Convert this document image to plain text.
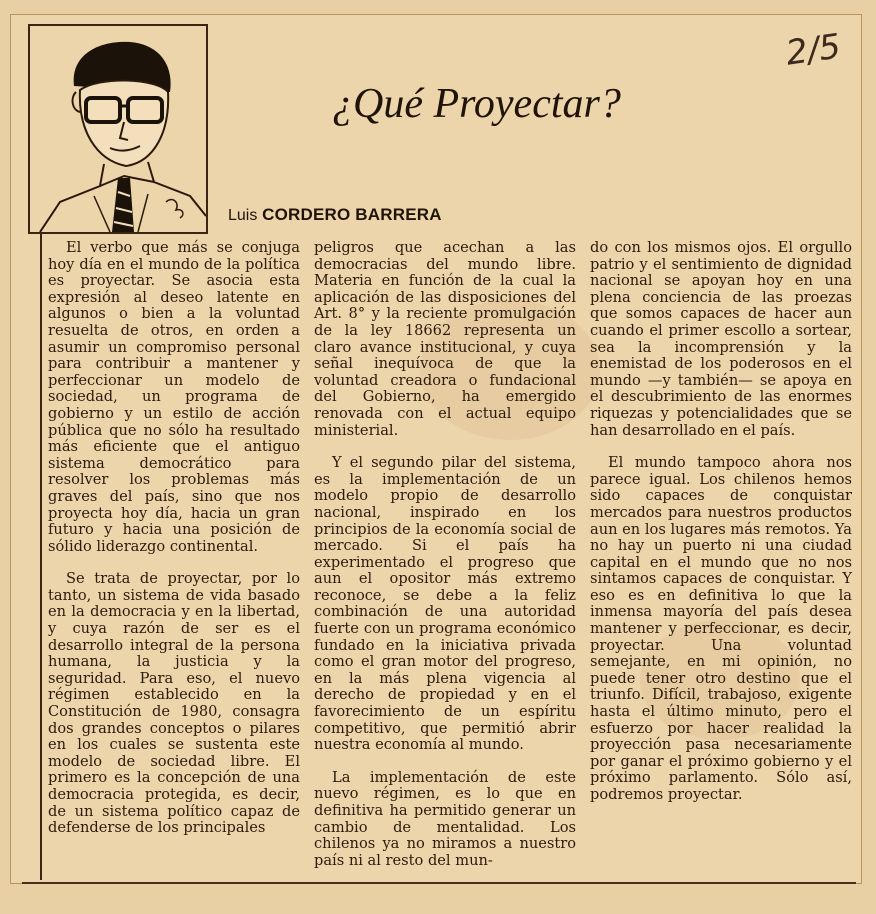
2/5
¿Qué Proyectar?
Luis CORDERO BARRERA

El verbo que más se conjuga hoy día en el mundo de la política es proyectar. Se asocia esta expresión al deseo latente en algunos o bien a la voluntad resuelta de otros, en orden a asumir un compromiso personal para contribuir a mantener y perfeccionar un modelo de sociedad, un programa de gobierno y un estilo de acción pública que no sólo ha resultado más eficiente que el antiguo sistema democrático para resolver los problemas más graves del país, sino que nos proyecta hoy día, hacia un gran futuro y hacia una posición de sólido liderazgo continental.

Se trata de proyectar, por lo tanto, un sistema de vida basado en la democracia y en la libertad, y cuya razón de ser es el desarrollo integral de la persona humana, la justicia y la seguridad. Para eso, el nuevo régimen establecido en la Constitución de 1980, consagra dos grandes conceptos o pilares en los cuales se sustenta este modelo de sociedad libre. El primero es la concepción de una democracia protegida, es decir, de un sistema político capaz de defenderse de los principales

peligros que acechan a las democracias del mundo libre. Materia en función de la cual la aplicación de las disposiciones del Art. 8° y la reciente promulgación de la ley 18662 representa un claro avance institucional, y cuya señal inequívoca de que la voluntad creadora o fundacional del Gobierno, ha emergido renovada con el actual equipo ministerial.

Y el segundo pilar del sistema, es la implementación de un modelo propio de desarrollo nacional, inspirado en los principios de la economía social de mercado. Si el país ha experimentado el progreso que aun el opositor más extremo reconoce, se debe a la feliz combinación de una autoridad fuerte con un programa económico fundado en la iniciativa privada como el gran motor del progreso, en la más plena vigencia al derecho de propiedad y en el favorecimiento de un espíritu competitivo, que permitió abrir nuestra economía al mundo.

La implementación de este nuevo régimen, es lo que en definitiva ha permitido generar un cambio de mentalidad. Los chilenos ya no miramos a nuestro país ni al resto del mun-

do con los mismos ojos. El orgullo patrio y el sentimiento de dignidad nacional se apoyan hoy en una plena conciencia de las proezas que somos capaces de hacer aun cuando el primer escollo a sortear, sea la incomprensión y la enemistad de los poderosos en el mundo —y también— se apoya en el descubrimiento de las enormes riquezas y potencialidades que se han desarrollado en el país.

El mundo tampoco ahora nos parece igual. Los chilenos hemos sido capaces de conquistar mercados para nuestros productos aun en los lugares más remotos. Ya no hay un puerto ni una ciudad capital en el mundo que no nos sintamos capaces de conquistar. Y eso es en definitiva lo que la inmensa mayoría del país desea mantener y perfeccionar, es decir, proyectar. Una voluntad semejante, en mi opinión, no puede tener otro destino que el triunfo. Difícil, trabajoso, exigente hasta el último minuto, pero el esfuerzo por hacer realidad la proyección pasa necesariamente por ganar el próximo gobierno y el próximo parlamento. Sólo así, podremos proyectar.
